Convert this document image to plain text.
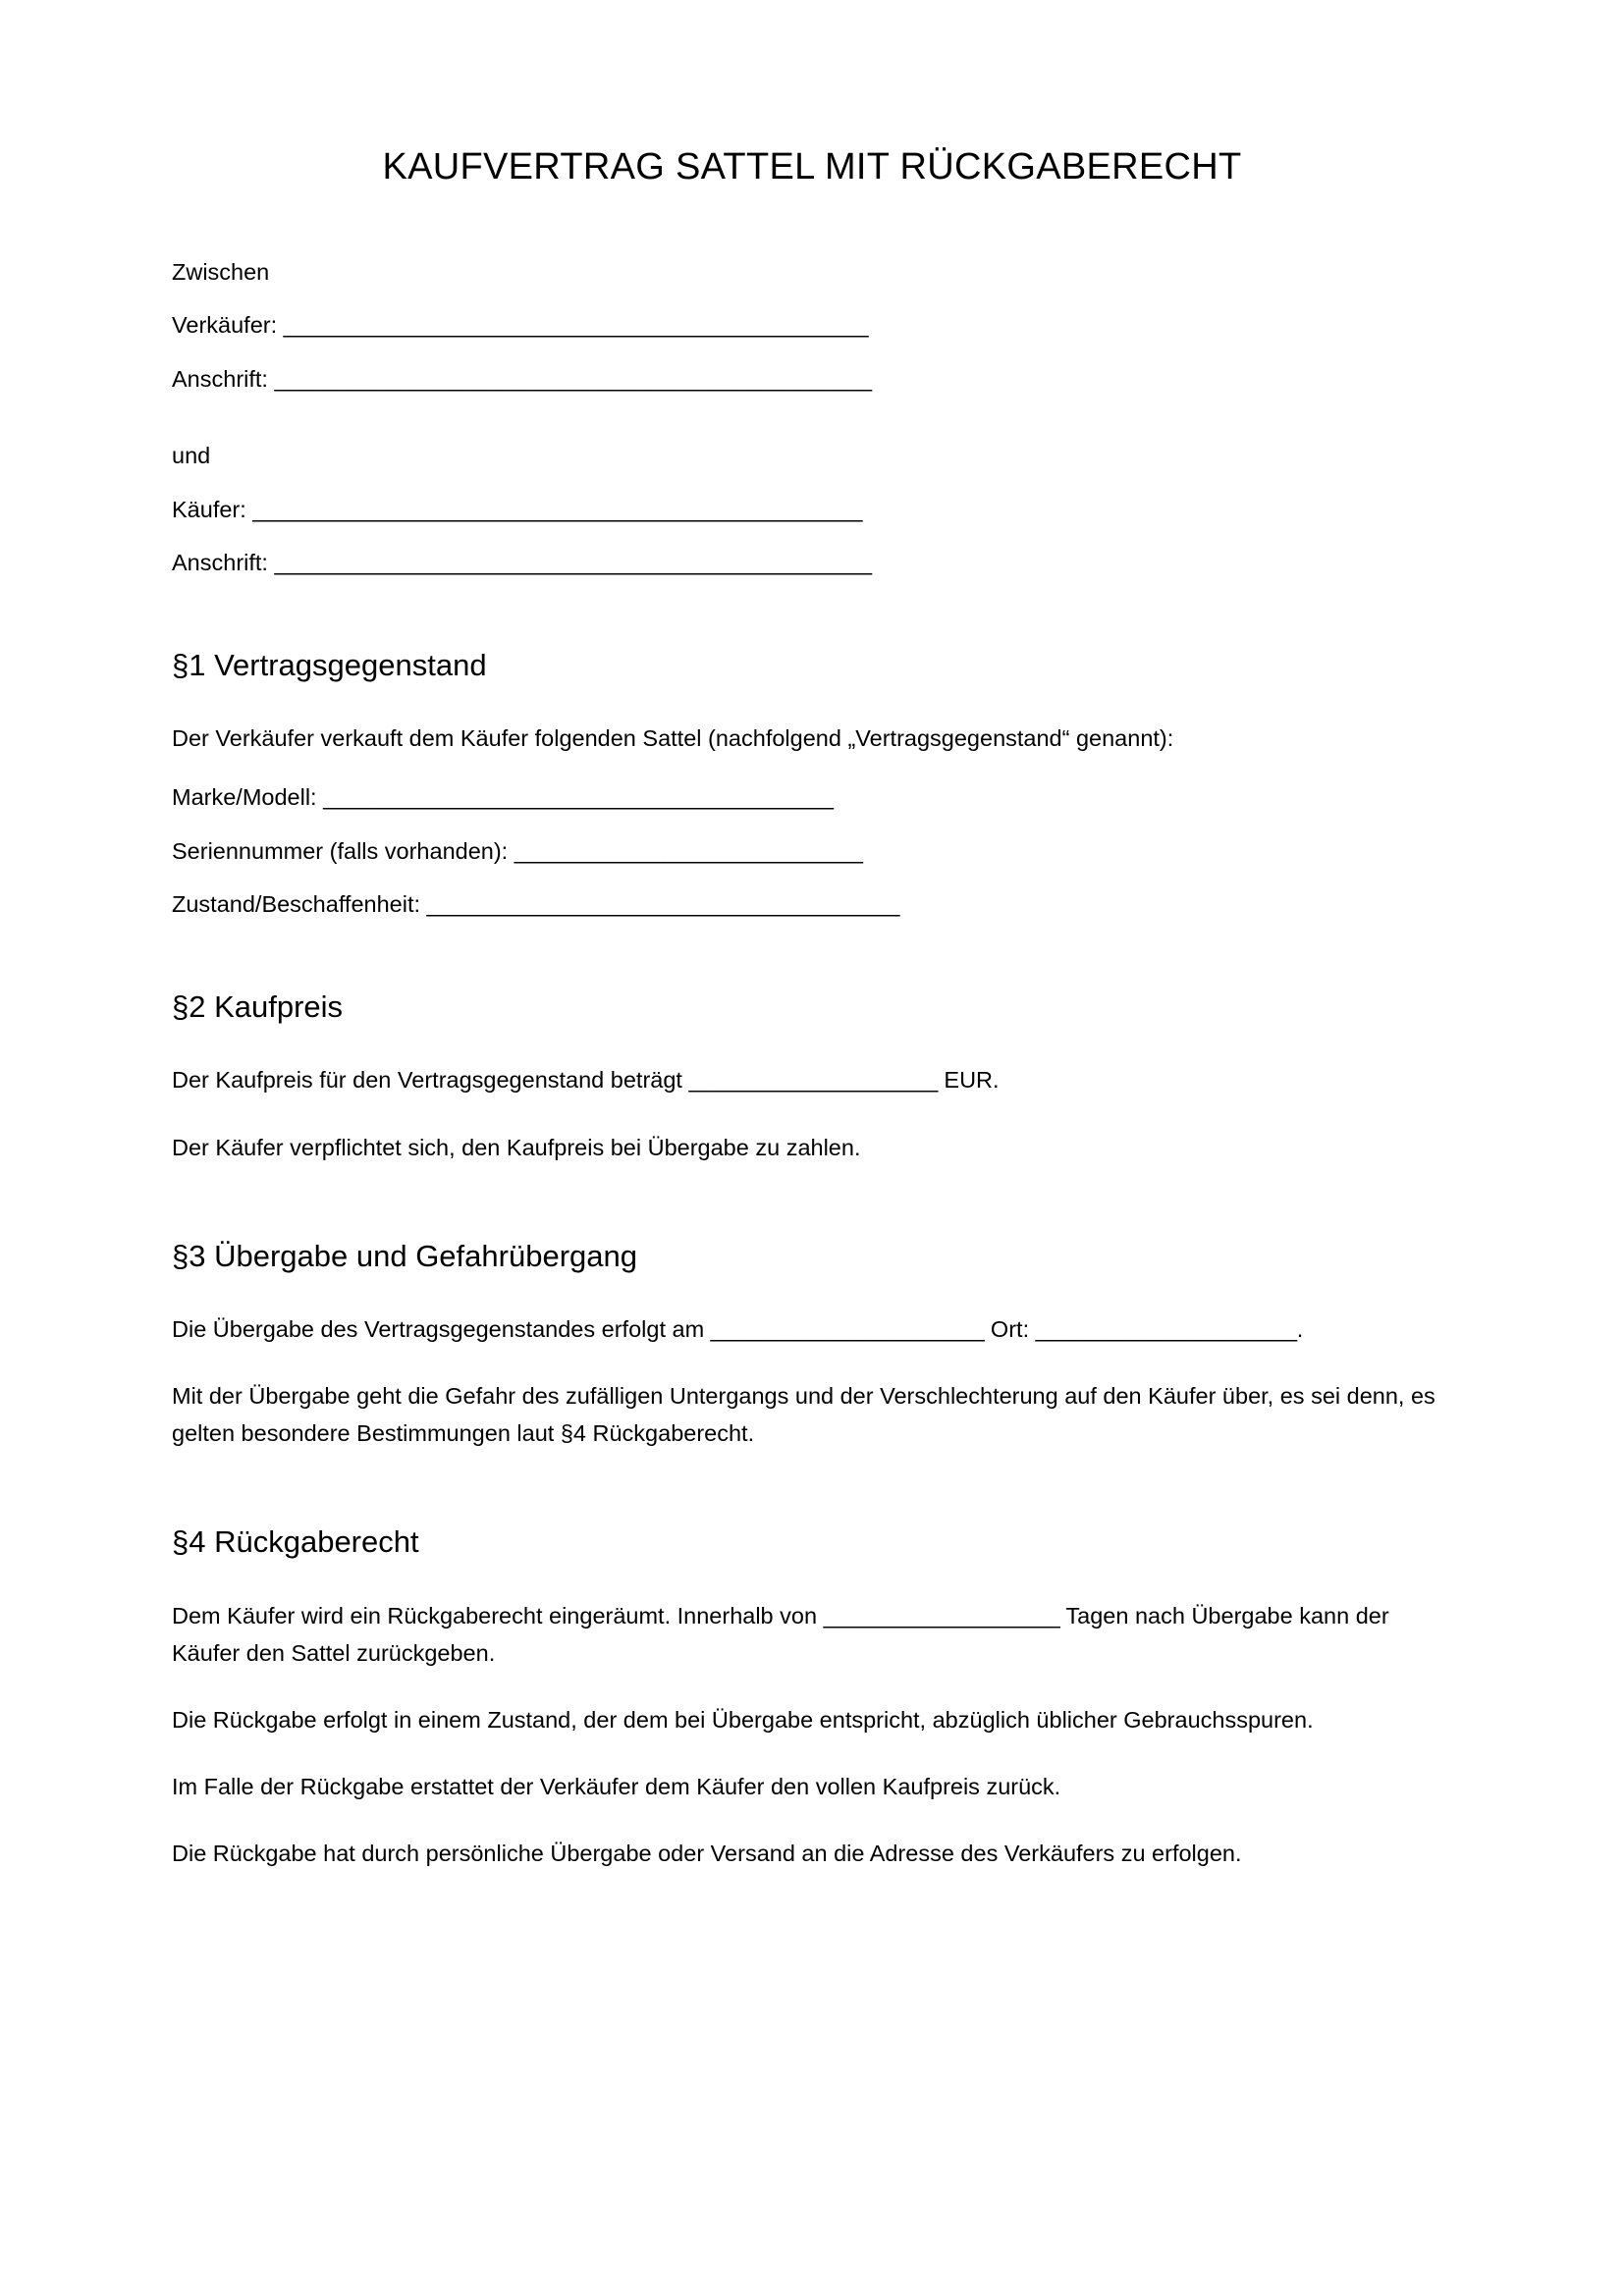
KAUFVERTRAG SATTEL MIT RÜCKGABERECHT

Zwischen

Verkäufer: _______________________________________________

Anschrift: ________________________________________________

und

Käufer: _________________________________________________

Anschrift: ________________________________________________

§1 Vertragsgegenstand

Der Verkäufer verkauft dem Käufer folgenden Sattel (nachfolgend „Vertragsgegenstand“ genannt):

Marke/Modell: _________________________________________

Seriennummer (falls vorhanden): ____________________________

Zustand/Beschaffenheit: ______________________________________

§2 Kaufpreis

Der Kaufpreis für den Vertragsgegenstand beträgt ____________________ EUR.

Der Käufer verpflichtet sich, den Kaufpreis bei Übergabe zu zahlen.

§3 Übergabe und Gefahrübergang

Die Übergabe des Vertragsgegenstandes erfolgt am ______________________ Ort: _____________________.

Mit der Übergabe geht die Gefahr des zufälligen Untergangs und der Verschlechterung auf den Käufer über, es sei denn, es gelten besondere Bestimmungen laut §4 Rückgaberecht.

§4 Rückgaberecht

Dem Käufer wird ein Rückgaberecht eingeräumt. Innerhalb von ___________________ Tagen nach Übergabe kann der Käufer den Sattel zurückgeben.

Die Rückgabe erfolgt in einem Zustand, der dem bei Übergabe entspricht, abzüglich üblicher Gebrauchsspuren.

Im Falle der Rückgabe erstattet der Verkäufer dem Käufer den vollen Kaufpreis zurück.

Die Rückgabe hat durch persönliche Übergabe oder Versand an die Adresse des Verkäufers zu erfolgen.
